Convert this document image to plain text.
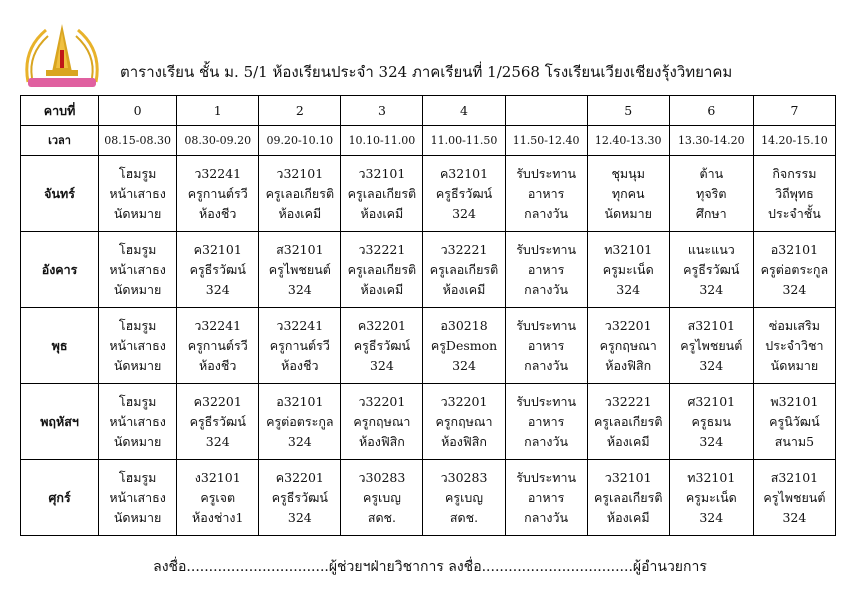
ตารางเรียน ชั้น ม. 5/1 ห้องเรียนประจำ 324 ภาคเรียนที่ 1/2568 โรงเรียนเวียงเชียงรุ้งวิทยาคม
คาบที่	0	1	2	3	4		5	6	7
เวลา	08.15-08.30	08.30-09.20	09.20-10.10	10.10-11.00	11.00-11.50	11.50-12.40	12.40-13.30	13.30-14.20	14.20-15.10
จันทร์	โฮมรูม
หน้าเสาธง
นัดหมาย	ว32241
ครูกานต์รวี
ห้องชีว	ว32101
ครูเลอเกียรติ
ห้องเคมี	ว32101
ครูเลอเกียรติ
ห้องเคมี	ค32101
ครูธีรวัฒน์
324	รับประทาน
อาหาร
กลางวัน	ชุมนุม
ทุกคน
นัดหมาย	ต้าน
ทุจริต
ศึกษา	กิจกรรม
วิถีพุทธ
ประจำชั้น

อังคาร	โฮมรูม
หน้าเสาธง
นัดหมาย	ค32101
ครูธีรวัฒน์
324	ส32101
ครูไพชยนต์
324	ว32221
ครูเลอเกียรติ
ห้องเคมี	ว32221
ครูเลอเกียรติ
ห้องเคมี	รับประทาน
อาหาร
กลางวัน	ท32101
ครูมะเน็ด
324	แนะแนว
ครูธีรวัฒน์
324	อ32101
ครูต่อตระกูล
324

พุธ	โฮมรูม
หน้าเสาธง
นัดหมาย	ว32241
ครูกานต์รวี
ห้องชีว	ว32241
ครูกานต์รวี
ห้องชีว	ค32201
ครูธีรวัฒน์
324	อ30218
ครูDesmon
324	รับประทาน
อาหาร
กลางวัน	ว32201
ครูกฤษณา
ห้องฟิสิก	ส32101
ครูไพชยนต์
324	ซ่อมเสริม
ประจำวิชา
นัดหมาย

พฤหัสฯ	โฮมรูม
หน้าเสาธง
นัดหมาย	ค32201
ครูธีรวัฒน์
324	อ32101
ครูต่อตระกูล
324	ว32201
ครูกฤษณา
ห้องฟิสิก	ว32201
ครูกฤษณา
ห้องฟิสิก	รับประทาน
อาหาร
กลางวัน	ว32221
ครูเลอเกียรติ
ห้องเคมี	ศ32101
ครูธมน
324	พ32101
ครูนิวัฒน์
สนาม5

ศุกร์	โฮมรูม
หน้าเสาธง
นัดหมาย	ง32101
ครูเจต
ห้องช่าง1	ค32201
ครูธีรวัฒน์
324	ว30283
ครูเบญ
สดช.	ว30283
ครูเบญ
สดช.	รับประทาน
อาหาร
กลางวัน	ว32101
ครูเลอเกียรติ
ห้องเคมี	ท32101
ครูมะเน็ด
324	ส32101
ครูไพชยนต์
324
ลงชื่อ................................ผู้ช่วยฯฝ่ายวิชาการ ลงชื่อ..................................ผู้อำนวยการ
